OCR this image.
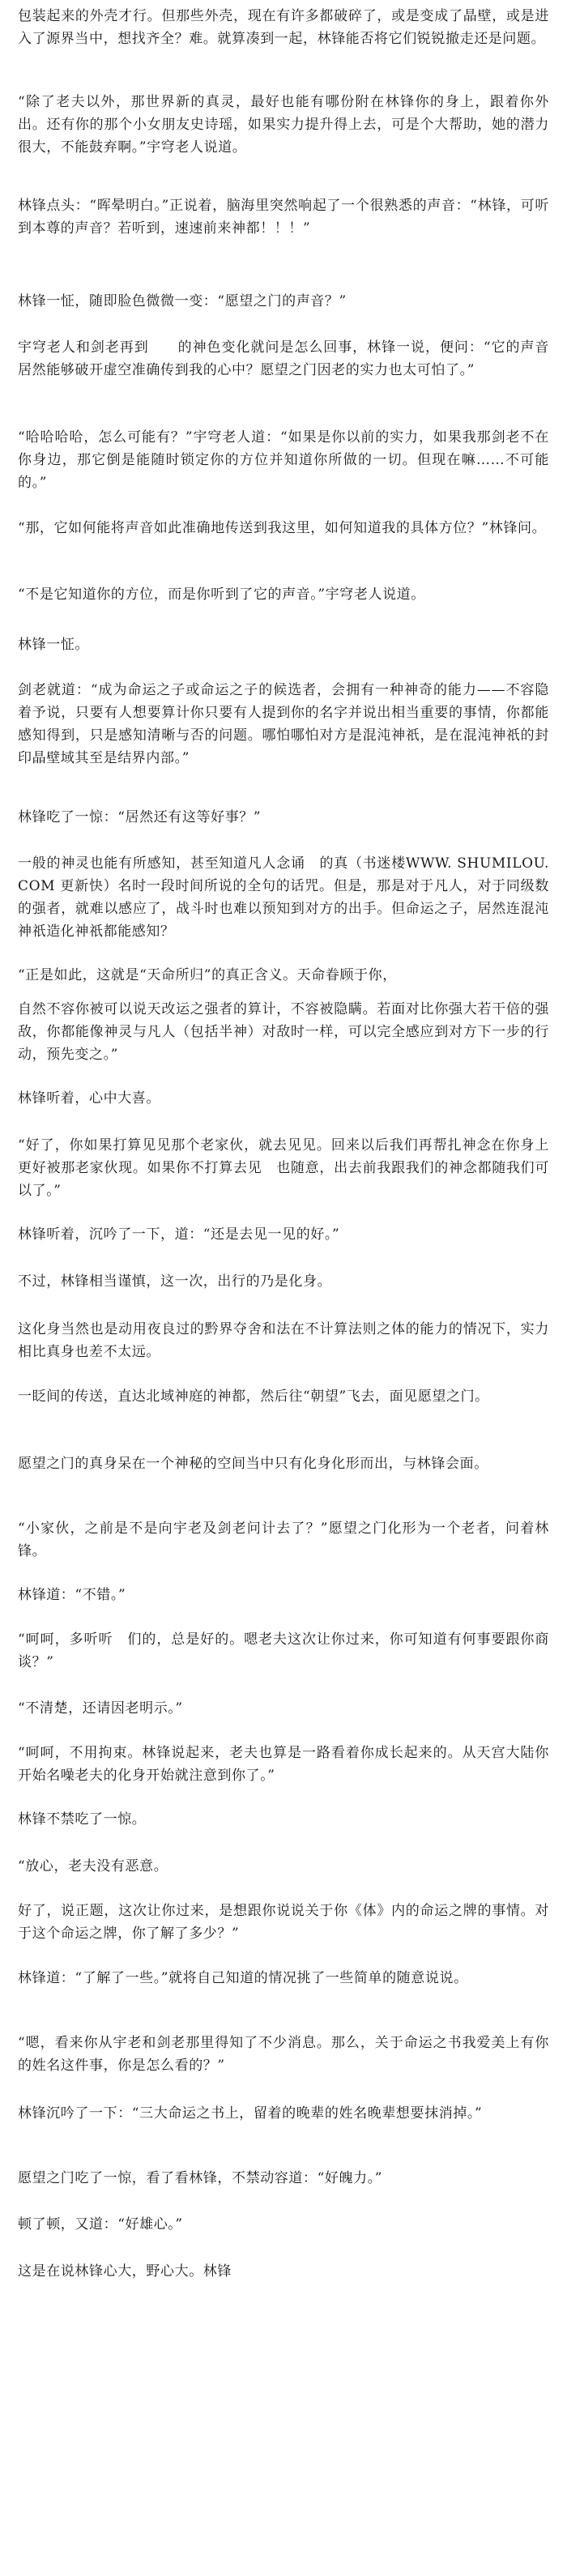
包装起来的外壳才行。但那些外壳，现在有许多都破碎了，或是变成了晶壁，或是进入了源界当中，想找齐全？难。就算凑到一起，林锋能否将它们锐锐撤走还是问题。
“除了老夫以外，那世界新的真灵，最好也能有哪份附在林锋你的身上，跟着你外出。还有你的那个小女朋友史诗瑶，如果实力提升得上去，可是个大帮助，她的潜力很大，不能鼓弃啊。”宇穹老人说道。
林锋点头：“晖晕明白。”正说着，脑海里突然响起了一个很熟悉的声音：“林锋，可听到本尊的声音？若听到，速速前来神都！！！”
林锋一怔，随即脸色微微一变：“愿望之门的声音？”
宇穹老人和剑老再到　　的神色变化就问是怎么回事，林锋一说，便问：“它的声音居然能够破开虚空准确传到我的心中？愿望之门因老的实力也太可怕了。”
“哈哈哈哈，怎么可能有？”宇穹老人道：“如果是你以前的实力，如果我那剑老不在你身边，那它倒是能随时锁定你的方位并知道你所做的一切。但现在嘛……不可能的。”
“那，它如何能将声音如此准确地传送到我这里，如何知道我的具体方位？”林锋问。
“不是它知道你的方位，而是你听到了它的声音。”宇穹老人说道。
林锋一怔。
剑老就道：“成为命运之子或命运之子的候选者，会拥有一种神奇的能力——不容隐着予说，只要有人想要算计你只要有人提到你的名字并说出相当重要的事情，你都能感知得到，只是感知清晰与否的问题。哪怕哪怕对方是混沌神祇，是在混沌神祇的封印晶壁域其至是结界内部。”
林锋吃了一惊：“居然还有这等好事？”
一般的神灵也能有所感知，甚至知道凡人念诵　的真（书迷楼WWW. SHUMILOU. COM 更新快）名时一段时间所说的全句的话咒。但是，那是对于凡人，对于同级数的强者，就难以感应了，战斗时也难以预知到对方的出手。但命运之子，居然连混沌神祇造化神祇都能感知？
“正是如此，这就是“天命所归”的真正含义。天命眷顾于你，
自然不容你被可以说天改运之强者的算计，不容被隐瞒。若面对比你强大若干倍的强敌，你都能像神灵与凡人（包括半神）对敌时一样，可以完全感应到对方下一步的行动，预先变之。”
林锋听着，心中大喜。
“好了，你如果打算见见那个老家伙，就去见见。回来以后我们再帮扎神念在你身上更好被那老家伙现。如果你不打算去见　也随意，出去前我跟我们的神念都随我们可以了。”
林锋听着，沉吟了一下，道：“还是去见一见的好。”
不过，林锋相当谨慎，这一次，出行的乃是化身。
这化身当然也是动用夜良过的黔界夺舍和法在不计算法则之体的能力的情况下，实力相比真身也差不太远。
一眨间的传送，直达北域神庭的神都，然后往“朝望”飞去，面见愿望之门。
愿望之门的真身呆在一个神秘的空间当中只有化身化形而出，与林锋会面。
“小家伙，之前是不是向宇老及剑老问计去了？”愿望之门化形为一个老者，问着林锋。
林锋道：“不错。”
“呵呵，多听听　们的，总是好的。嗯老夫这次让你过来，你可知道有何事要跟你商谈？”
“不清楚，还请因老明示。”
“呵呵，不用拘束。林锋说起来，老夫也算是一路看着你成长起来的。从天宫大陆你开始名噪老夫的化身开始就注意到你了。”
林锋不禁吃了一惊。
“放心，老夫没有恶意。
好了，说正题，这次让你过来，是想跟你说说关于你《体》内的命运之牌的事情。对于这个命运之牌，你了解了多少？”
林锋道：“了解了一些。”就将自己知道的情况挑了一些简单的随意说说。
“嗯，看来你从宇老和剑老那里得知了不少消息。那么，关于命运之书我爱美上有你的姓名这件事，你是怎么看的？”
林锋沉吟了一下：“三大命运之书上，留着的晚辈的姓名晚辈想要抹消掉。”
愿望之门吃了一惊，看了看林锋，不禁动容道：“好魄力。”
顿了顿，又道：“好雄心。”
这是在说林锋心大，野心大。林锋
